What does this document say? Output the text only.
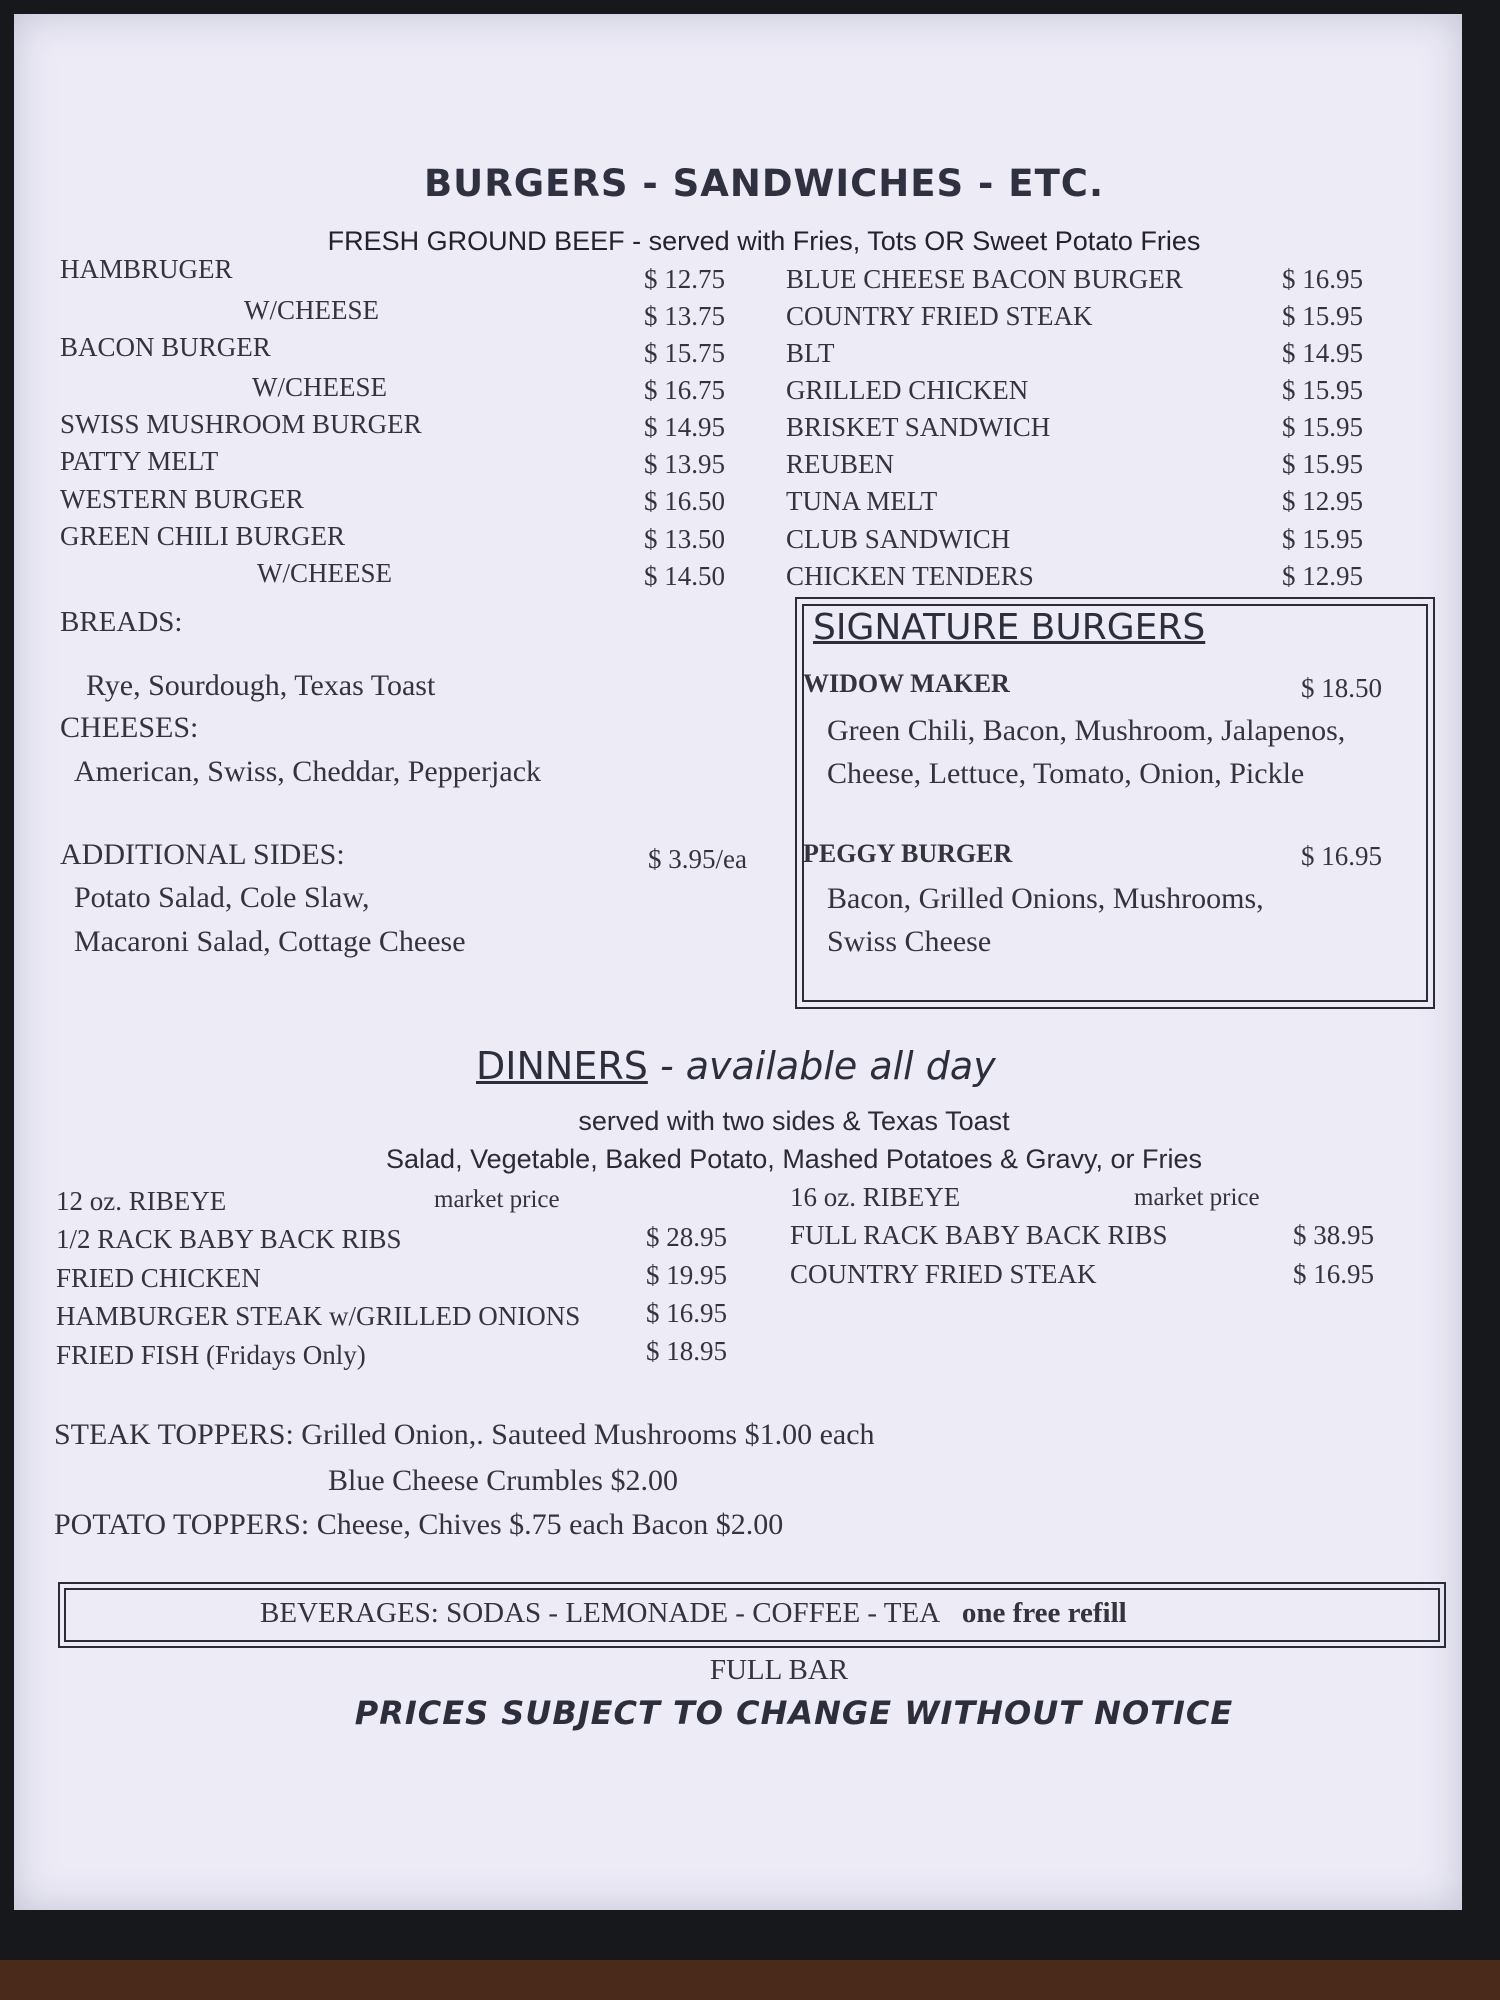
BURGERS - SANDWICHES - ETC.
FRESH GROUND BEEF - served with Fries, Tots OR Sweet Potato Fries
HAMBRUGER	$ 12.75
W/CHEESE	$ 13.75
BACON BURGER	$ 15.75
W/CHEESE	$ 16.75
SWISS MUSHROOM BURGER	$ 14.95
PATTY MELT	$ 13.95
WESTERN BURGER	$ 16.50
GREEN CHILI BURGER	$ 13.50
W/CHEESE	$ 14.50
BLUE CHEESE BACON BURGER	$ 16.95
COUNTRY FRIED STEAK	$ 15.95
BLT	$ 14.95
GRILLED CHICKEN	$ 15.95
BRISKET SANDWICH	$ 15.95
REUBEN	$ 15.95
TUNA MELT	$ 12.95
CLUB SANDWICH	$ 15.95
CHICKEN TENDERS	$ 12.95
BREADS:
Rye, Sourdough, Texas Toast
CHEESES:
American, Swiss, Cheddar, Pepperjack
ADDITIONAL SIDES:	$ 3.95/ea
Potato Salad, Cole Slaw,
Macaroni Salad, Cottage Cheese
SIGNATURE BURGERS
WIDOW MAKER	$ 18.50
Green Chili, Bacon, Mushroom, Jalapenos,
Cheese, Lettuce, Tomato, Onion, Pickle
PEGGY BURGER	$ 16.95
Bacon, Grilled Onions, Mushrooms,
Swiss Cheese
DINNERS - available all day
served with two sides & Texas Toast
Salad, Vegetable, Baked Potato, Mashed Potatoes & Gravy, or Fries
12 oz. RIBEYE	market price
1/2 RACK BABY BACK RIBS	$ 28.95
FRIED CHICKEN	$ 19.95
HAMBURGER STEAK w/GRILLED ONIONS $ 16.95
FRIED FISH (Fridays Only)	$ 18.95
16 oz. RIBEYE	market price
FULL RACK BABY BACK RIBS	$ 38.95
COUNTRY FRIED STEAK	$ 16.95
STEAK TOPPERS: Grilled Onion,. Sauteed Mushrooms $1.00 each
Blue Cheese Crumbles $2.00
POTATO TOPPERS: Cheese, Chives $.75 each Bacon $2.00
BEVERAGES: SODAS - LEMONADE - COFFEE - TEA one free refill
FULL BAR
PRICES SUBJECT TO CHANGE WITHOUT NOTICE
